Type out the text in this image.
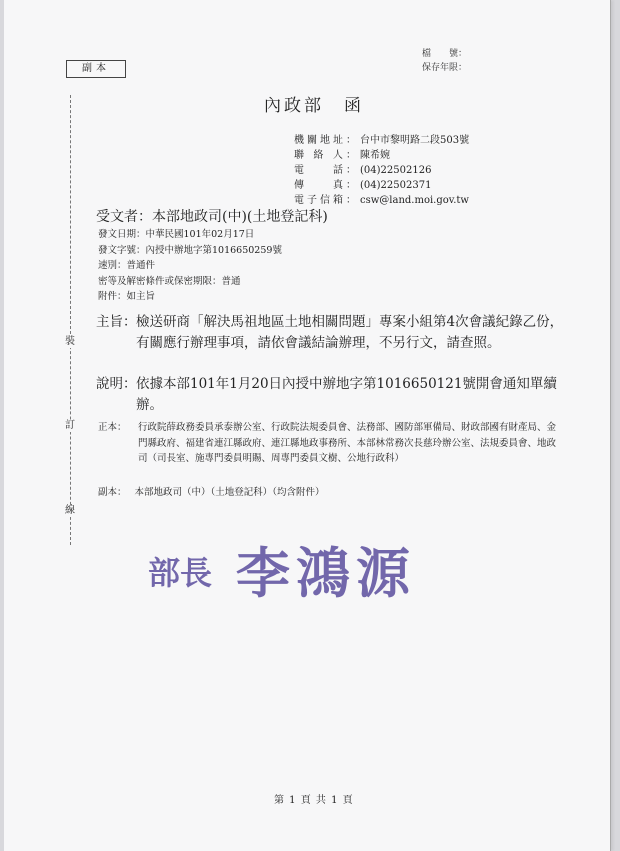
副本
檔　　號：
保存年限：
裝
訂
線
內政部　函
機關地址： 台中市黎明路二段503號
聯 絡 人： 陳希婉
電　　話： (04)22502126
傳　　真： (04)22502371
電子信箱： csw@land.moi.gov.tw
受文者：本部地政司(中)(土地登記科)
發文日期：中華民國101年02月17日
發文字號：內授中辦地字第1016650259號
速別：普通件
密等及解密條件或保密期限：普通
附件：如主旨
主旨： 檢送研商「解決馬祖地區土地相關問題」專案小組第4次會議紀錄乙份，有關應行辦理事項，請依會議結論辦理，不另行文，請查照。
說明： 依據本部101年1月20日內授中辦地字第1016650121號開會通知單續辦。
正本： 行政院薛政務委員承泰辦公室、行政院法規委員會、法務部、國防部軍備局、財政部國有財產局、金門縣政府、福建省連江縣政府、連江縣地政事務所、本部林常務次長慈玲辦公室、法規委員會、地政司（司長室、施專門委員明賜、周專門委員文樹、公地行政科）
副本： 本部地政司（中）（土地登記科）（均含附件）
部長 李鴻源
第 1 頁 共 1 頁
